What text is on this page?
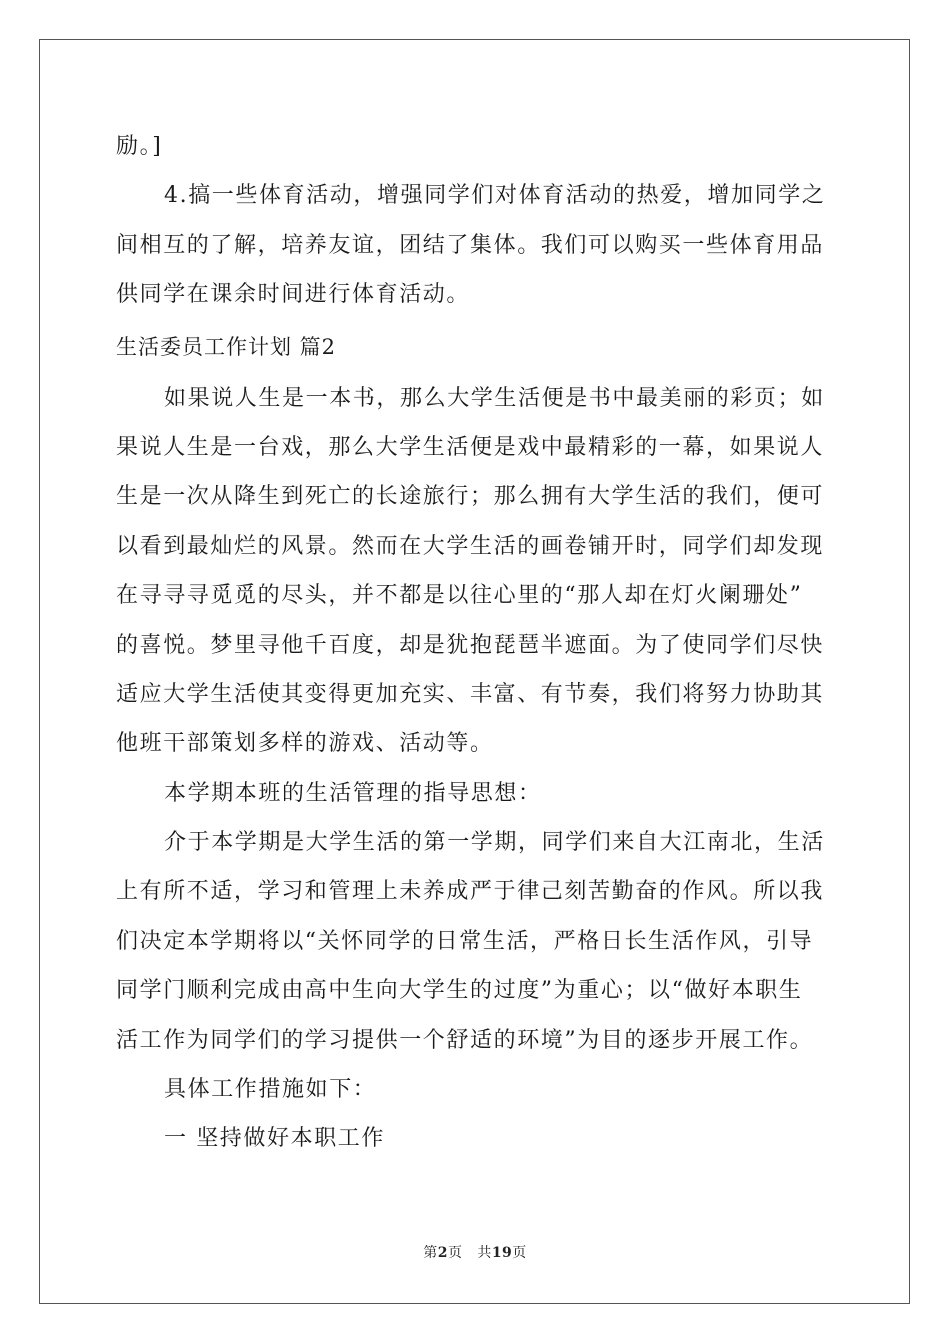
励。]
4.搞一些体育活动，增强同学们对体育活动的热爱，增加同学之
间相互的了解，培养友谊，团结了集体。我们可以购买一些体育用品
供同学在课余时间进行体育活动。
生活委员工作计划 篇2
如果说人生是一本书，那么大学生活便是书中最美丽的彩页；如
果说人生是一台戏，那么大学生活便是戏中最精彩的一幕，如果说人
生是一次从降生到死亡的长途旅行；那么拥有大学生活的我们，便可
以看到最灿烂的风景。然而在大学生活的画卷铺开时，同学们却发现
在寻寻寻觅觅的尽头，并不都是以往心里的“那人却在灯火阑珊处”
的喜悦。梦里寻他千百度，却是犹抱琵琶半遮面。为了使同学们尽快
适应大学生活使其变得更加充实、丰富、有节奏，我们将努力协助其
他班干部策划多样的游戏、活动等。
本学期本班的生活管理的指导思想：
介于本学期是大学生活的第一学期，同学们来自大江南北，生活
上有所不适，学习和管理上未养成严于律己刻苦勤奋的作风。所以我
们决定本学期将以“关怀同学的日常生活，严格日长生活作风，引导
同学门顺利完成由高中生向大学生的过度”为重心；以“做好本职生
活工作为同学们的学习提供一个舒适的环境”为目的逐步开展工作。
具体工作措施如下：
一 坚持做好本职工作
第2页 共19页
